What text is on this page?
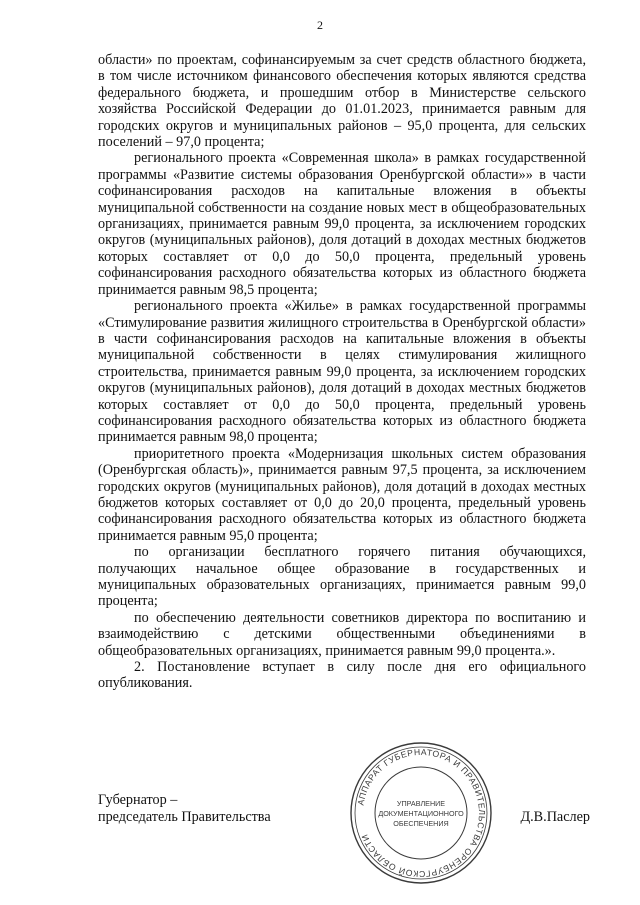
2

области» по проектам, софинансируемым за счет средств областного бюджета, в том числе источником финансового обеспечения которых являются средства федерального бюджета, и прошедшим отбор в Министерстве сельского хозяйства Российской Федерации до 01.01.2023, принимается равным для городских округов и муниципальных районов – 95,0 процента, для сельских поселений – 97,0 процента;

регионального проекта «Современная школа» в рамках государственной программы «Развитие системы образования Оренбургской области»» в части софинансирования расходов на капитальные вложения в объекты муниципальной собственности на создание новых мест в общеобразовательных организациях, принимается равным 99,0 процента, за исключением городских округов (муниципальных районов), доля дотаций в доходах местных бюджетов которых составляет от 0,0 до 50,0 процента, предельный уровень софинансирования расходного обязательства которых из областного бюджета принимается равным 98,5 процента;

регионального проекта «Жилье» в рамках государственной программы «Стимулирование развития жилищного строительства в Оренбургской области» в части софинансирования расходов на капитальные вложения в объекты муниципальной собственности в целях стимулирования жилищного строительства, принимается равным 99,0 процента, за исключением городских округов (муниципальных районов), доля дотаций в доходах местных бюджетов которых составляет от 0,0 до 50,0 процента, предельный уровень софинансирования расходного обязательства которых из областного бюджета принимается равным 98,0 процента;

приоритетного проекта «Модернизация школьных систем образования (Оренбургская область)», принимается равным 97,5 процента, за исключением городских округов (муниципальных районов), доля дотаций в доходах местных бюджетов которых составляет от 0,0 до 20,0 процента, предельный уровень софинансирования расходного обязательства которых из областного бюджета принимается равным 95,0 процента;

по организации бесплатного горячего питания обучающихся, получающих начальное общее образование в государственных и муниципальных образовательных организациях, принимается равным 99,0 процента;

по обеспечению деятельности советников директора по воспитанию и взаимодействию с детскими общественными объединениями в общеобразовательных организациях, принимается равным 99,0 процента.».

2. Постановление вступает в силу после дня его официального опубликования.

Губернатор –
председатель Правительства	Д.В.Паслер
АППАРАТ ГУБЕРНАТОРА И ПРАВИТЕЛЬСТВА ОРЕНБУРГСКОЙ ОБЛАСТИ
УПРАВЛЕНИЕ
ДОКУМЕНТАЦИОННОГО
ОБЕСПЕЧЕНИЯ
